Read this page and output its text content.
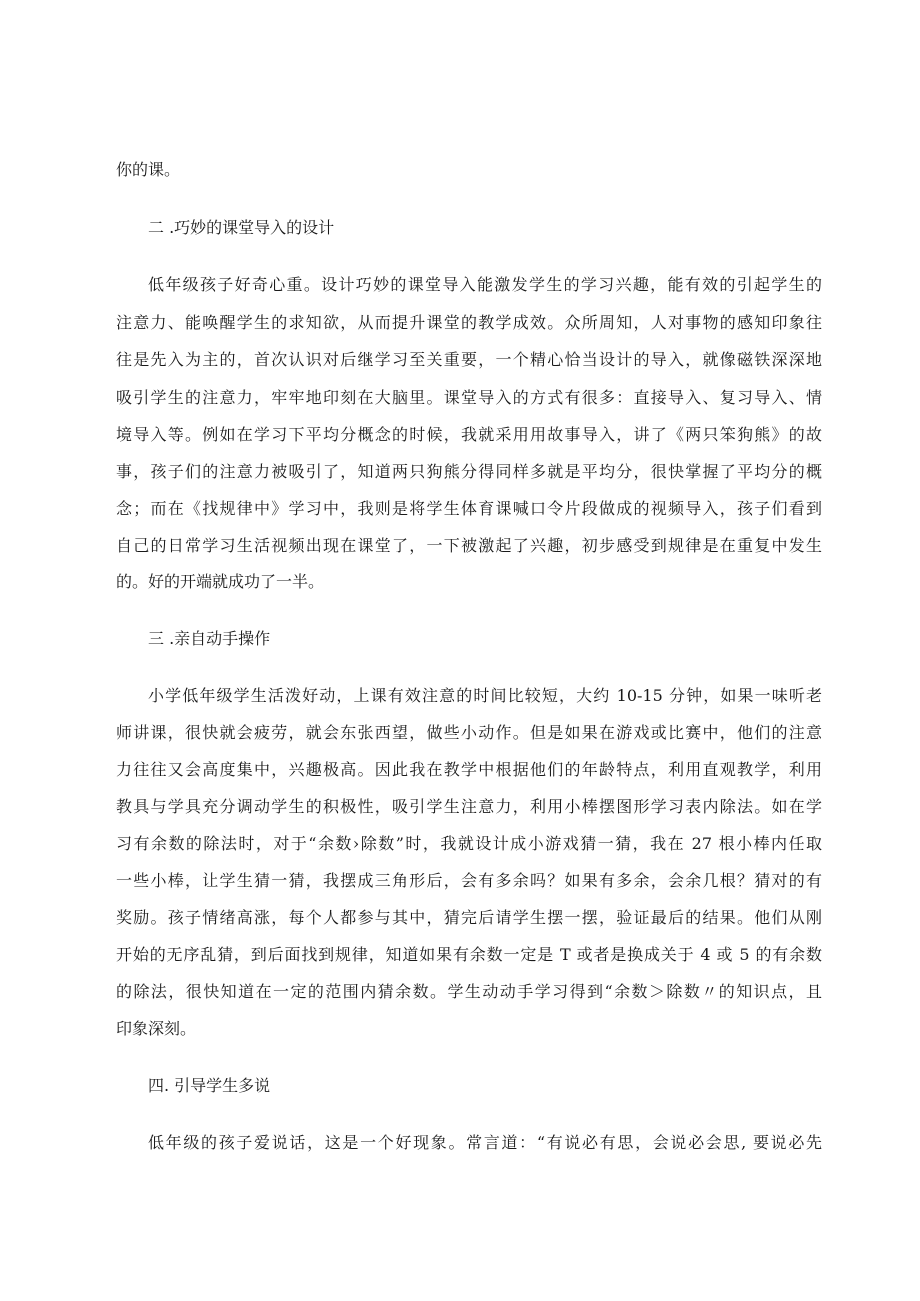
你的课。
二 .巧妙的课堂导入的设计
低年级孩子好奇心重。设计巧妙的课堂导入能激发学生的学习兴趣，能有效的引起学生的
注意力、能唤醒学生的求知欲，从而提升课堂的教学成效。众所周知，人对事物的感知印象往
往是先入为主的，首次认识对后继学习至关重要，一个精心恰当设计的导入，就像磁铁深深地
吸引学生的注意力，牢牢地印刻在大脑里。课堂导入的方式有很多：直接导入、复习导入、情
境导入等。例如在学习下平均分概念的时候，我就采用用故事导入，讲了《两只笨狗熊》的故
事，孩子们的注意力被吸引了，知道两只狗熊分得同样多就是平均分，很快掌握了平均分的概
念；而在《找规律中》学习中，我则是将学生体育课喊口令片段做成的视频导入，孩子们看到
自己的日常学习生活视频出现在课堂了，一下被激起了兴趣，初步感受到规律是在重复中发生
的。好的开端就成功了一半。
三 .亲自动手操作
小学低年级学生活泼好动，上课有效注意的时间比较短，大约 10-15 分钟，如果一味听老
师讲课，很快就会疲劳，就会东张西望，做些小动作。但是如果在游戏或比赛中，他们的注意
力往往又会高度集中，兴趣极高。因此我在教学中根据他们的年龄特点，利用直观教学，利用
教具与学具充分调动学生的积极性，吸引学生注意力，利用小棒摆图形学习表内除法。如在学
习有余数的除法时，对于“余数›除数”时，我就设计成小游戏猜一猜，我在 27 根小棒内任取
一些小棒，让学生猜一猜，我摆成三角形后，会有多余吗？如果有多余，会余几根？猜对的有
奖励。孩子情绪高涨，每个人都参与其中，猜完后请学生摆一摆，验证最后的结果。他们从刚
开始的无序乱猜，到后面找到规律，知道如果有余数一定是 T 或者是换成关于 4 或 5 的有余数
的除法，很快知道在一定的范围内猜余数。学生动动手学习得到“余数＞除数〃的知识点，且
印象深刻。
四. 引导学生多说
低年级的孩子爱说话，这是一个好现象。常言道：“有说必有思，会说必会思, 要说必先
